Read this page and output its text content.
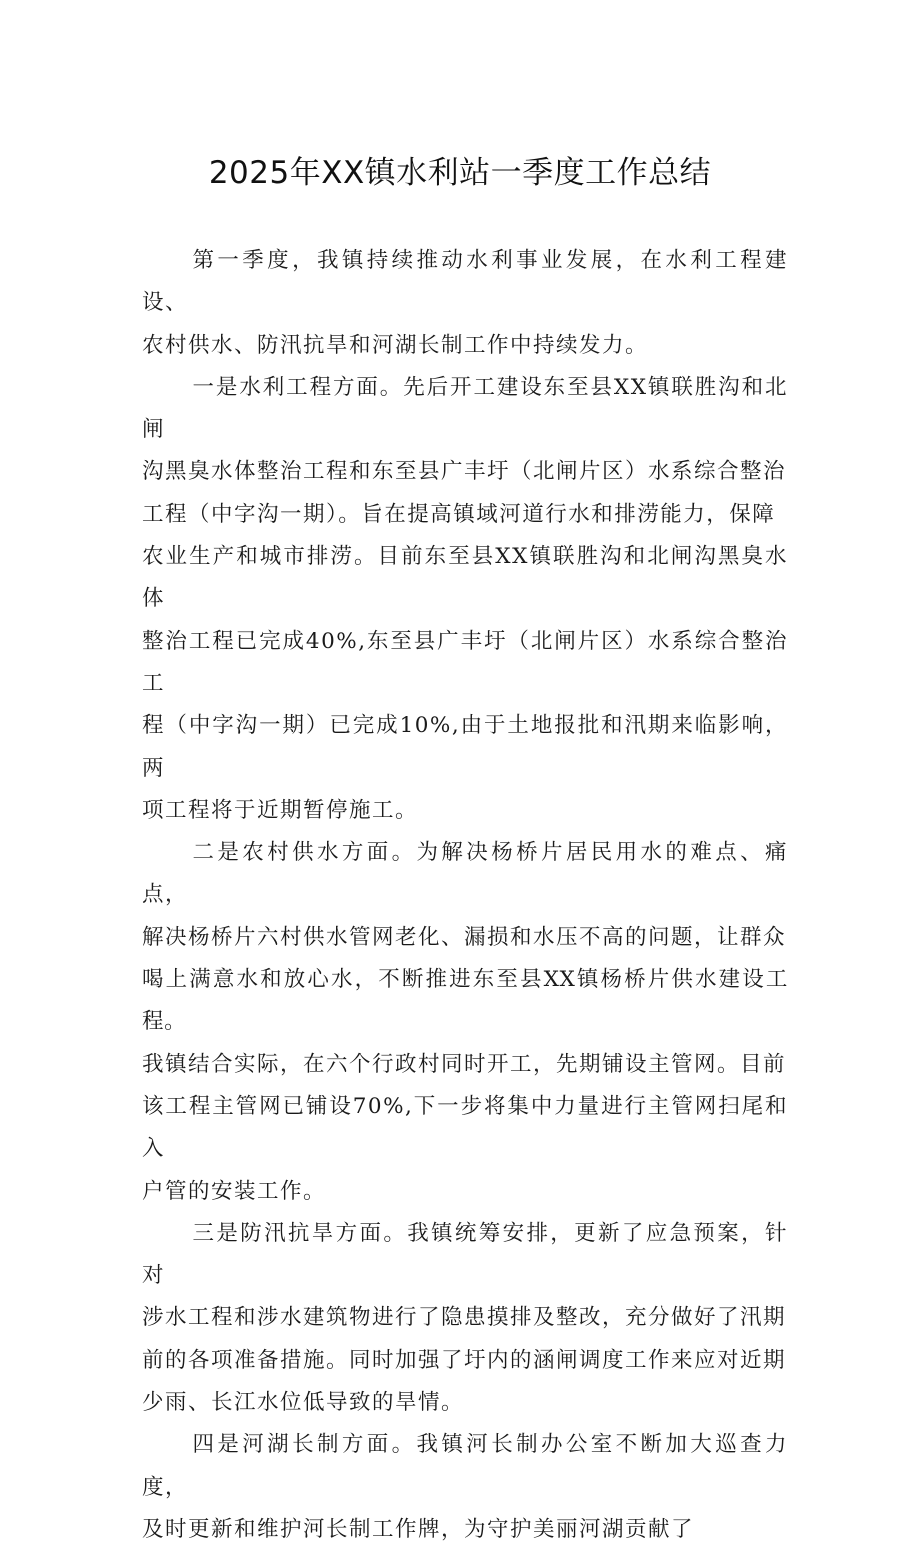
2025年XX镇水利站一季度工作总结

第一季度，我镇持续推动水利事业发展，在水利工程建设、
农村供水、防汛抗旱和河湖长制工作中持续发力。

一是水利工程方面。先后开工建设东至县XX镇联胜沟和北闸
沟黑臭水体整治工程和东至县广丰圩（北闸片区）水系综合整治
工程（中字沟一期）。旨在提高镇域河道行水和排涝能力，保障
农业生产和城市排涝。目前东至县XX镇联胜沟和北闸沟黑臭水体
整治工程已完成40%,东至县广丰圩（北闸片区）水系综合整治工
程（中字沟一期）已完成10%,由于土地报批和汛期来临影响，两
项工程将于近期暂停施工。

二是农村供水方面。为解决杨桥片居民用水的难点、痛点，
解决杨桥片六村供水管网老化、漏损和水压不高的问题，让群众
喝上满意水和放心水，不断推进东至县XX镇杨桥片供水建设工程。
我镇结合实际，在六个行政村同时开工，先期铺设主管网。目前
该工程主管网已铺设70%,下一步将集中力量进行主管网扫尾和入
户管的安装工作。

三是防汛抗旱方面。我镇统筹安排，更新了应急预案，针对
涉水工程和涉水建筑物进行了隐患摸排及整改，充分做好了汛期
前的各项准备措施。同时加强了圩内的涵闸调度工作来应对近期
少雨、长江水位低导致的旱情。

四是河湖长制方面。我镇河长制办公室不断加大巡查力度，
及时更新和维护河长制工作牌，为守护美丽河湖贡献了
